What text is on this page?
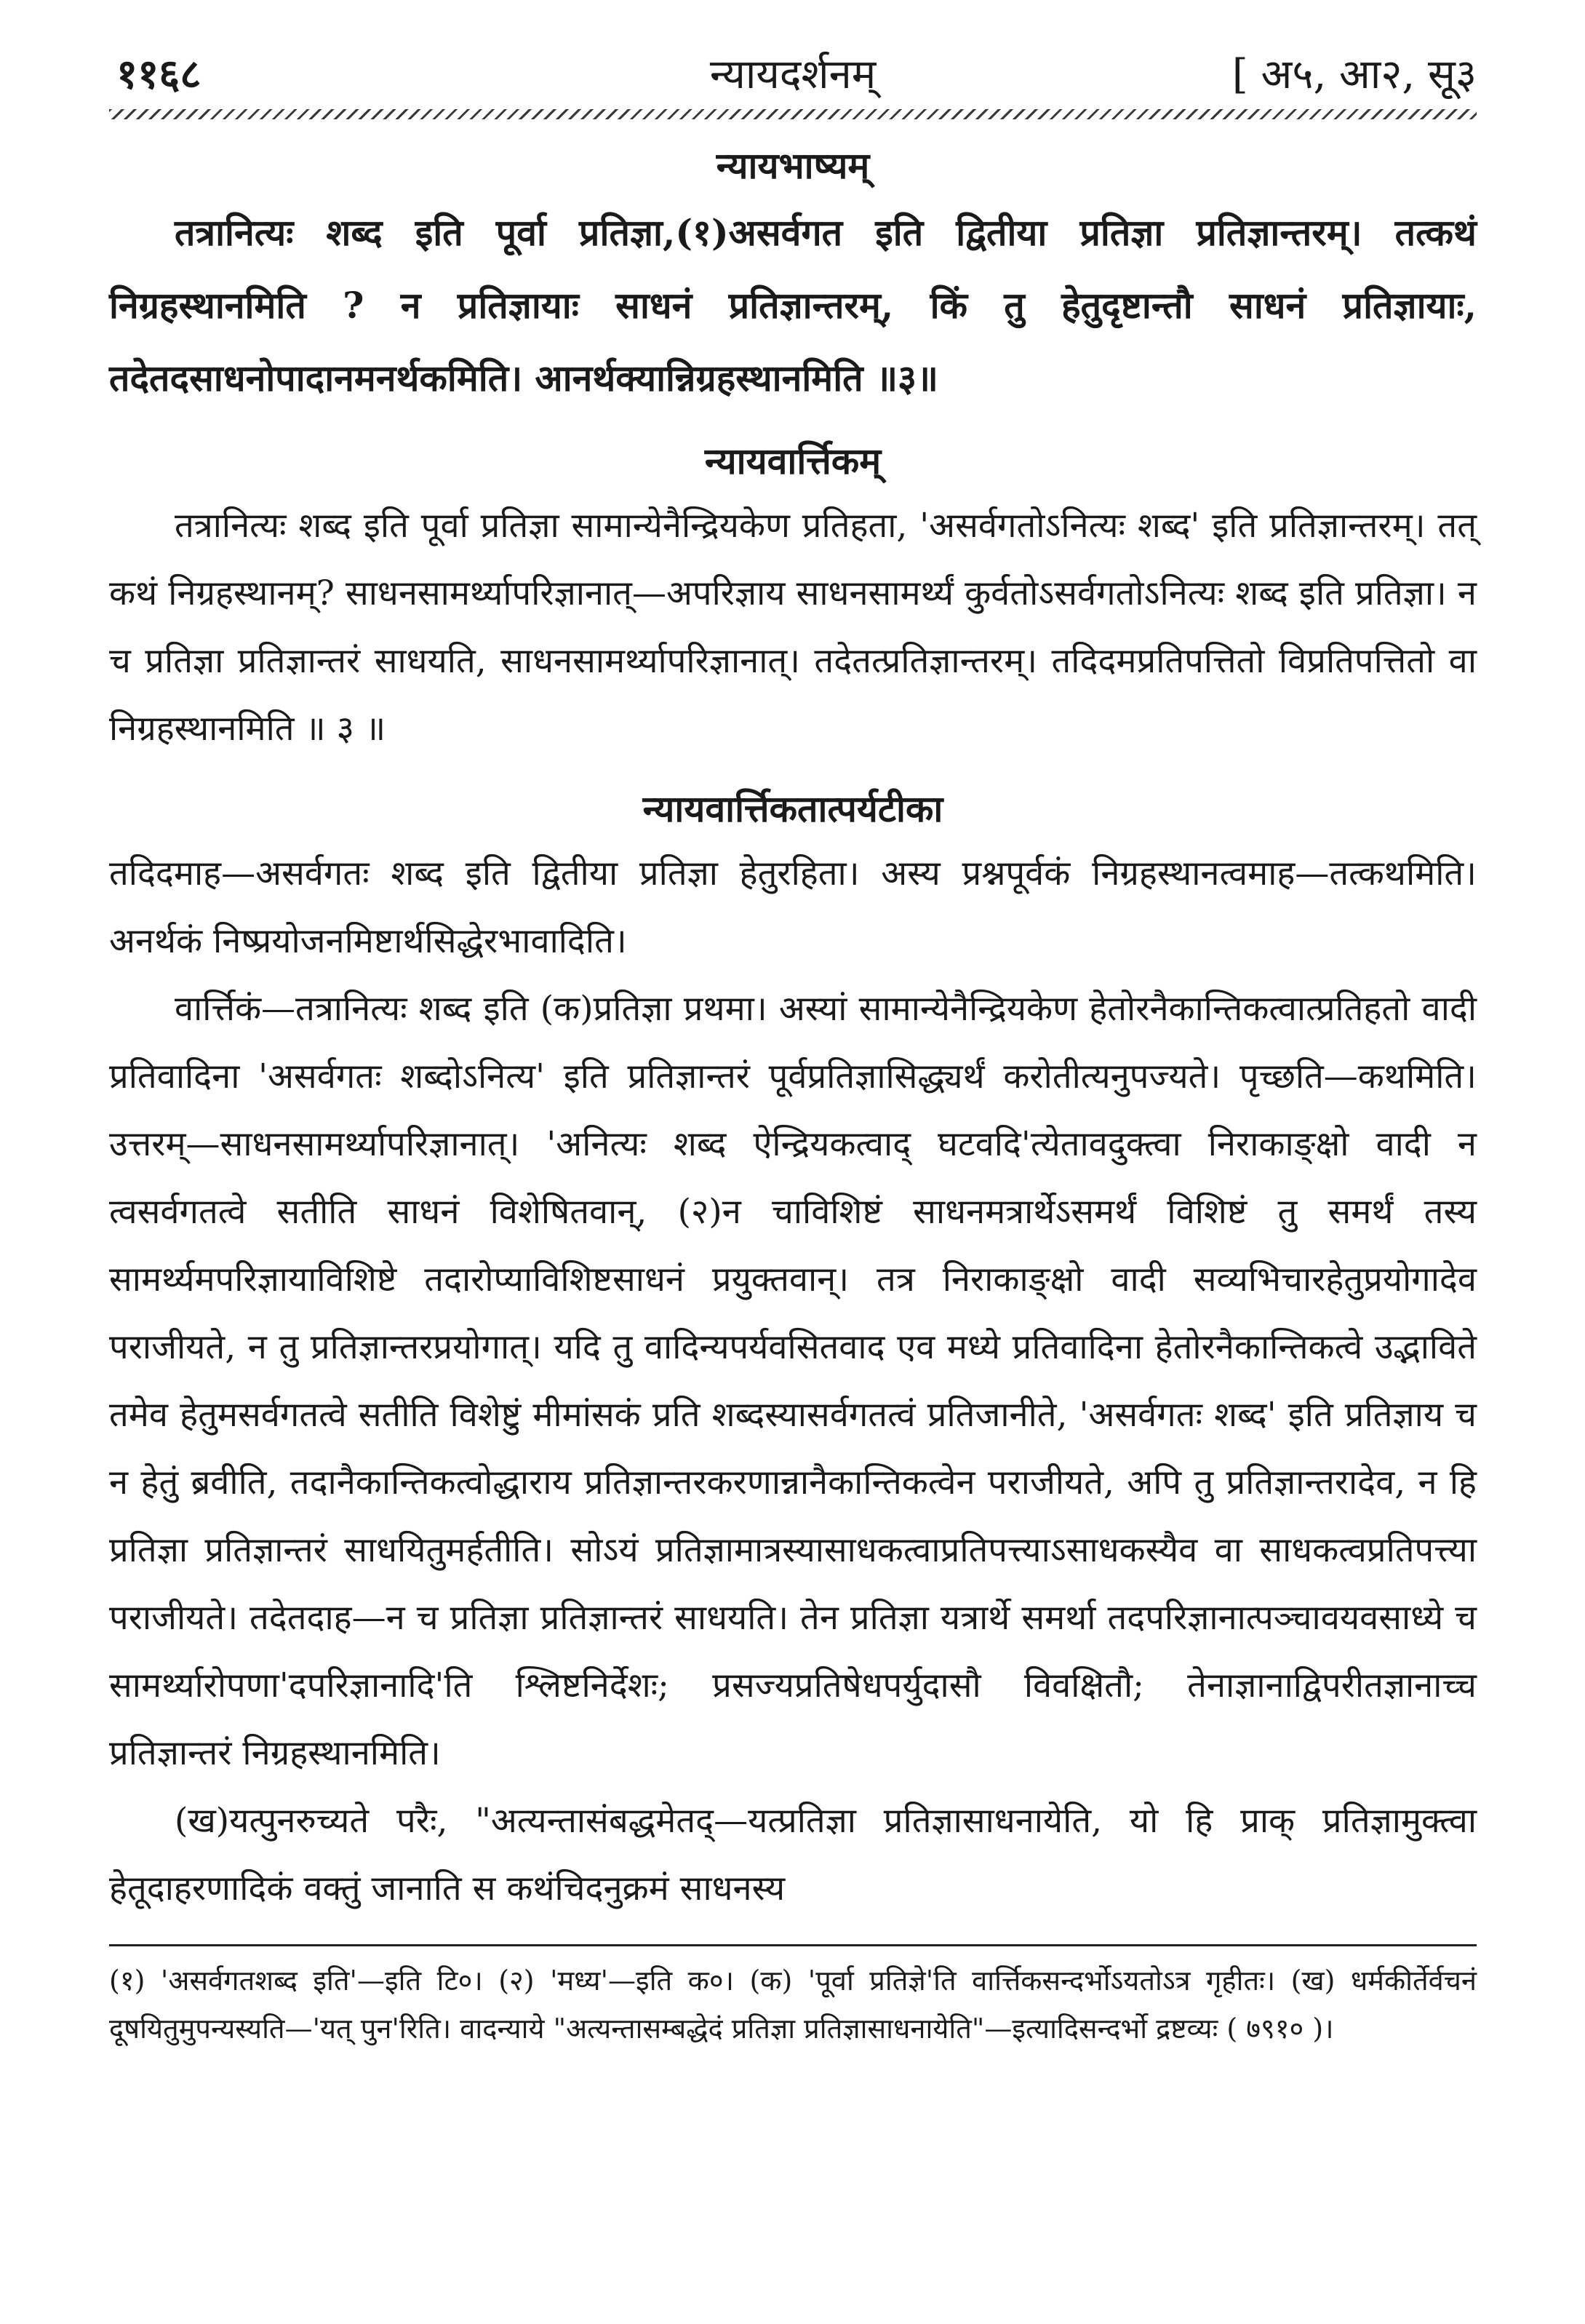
११६८	न्यायदर्शनम्	[ अ५, आ२, सू३
न्यायभाष्यम्
तत्रानित्यः शब्द इति पूर्वा प्रतिज्ञा,(१)असर्वगत इति द्वितीया प्रतिज्ञा प्रतिज्ञान्तरम्। तत्कथं निग्रहस्थानमिति ? न प्रतिज्ञायाः साधनं प्रतिज्ञान्तरम्, किं तु हेतुदृष्टान्तौ साधनं प्रतिज्ञायाः, तदेतदसाधनोपादानमनर्थकमिति। आनर्थक्यान्निग्रहस्थानमिति ॥३॥
न्यायवार्त्तिकम्
तत्रानित्यः शब्द इति पूर्वा प्रतिज्ञा सामान्येनैन्द्रियकेण प्रतिहता, 'असर्वगतोऽनित्यः शब्द' इति प्रतिज्ञान्तरम्। तत् कथं निग्रहस्थानम्? साधनसामर्थ्यापरिज्ञानात्—अपरिज्ञाय साधनसामर्थ्यं कुर्वतोऽसर्वगतोऽनित्यः शब्द इति प्रतिज्ञा। न च प्रतिज्ञा प्रतिज्ञान्तरं साधयति, साधनसामर्थ्यापरिज्ञानात्। तदेतत्प्रतिज्ञान्तरम्। तदिदमप्रतिपत्तितो विप्रतिपत्तितो वा निग्रहस्थानमिति ॥ ३ ॥
न्यायवार्त्तिकतात्पर्यटीका
तदिदमाह—असर्वगतः शब्द इति द्वितीया प्रतिज्ञा हेतुरहिता। अस्य प्रश्नपूर्वकं निग्रहस्थानत्वमाह—तत्कथमिति। अनर्थकं निष्प्रयोजनमिष्टार्थसिद्धेरभावादिति।
वार्त्तिकं—तत्रानित्यः शब्द इति (क)प्रतिज्ञा प्रथमा। अस्यां सामान्येनैन्द्रियकेण हेतोरनैकान्तिकत्वात्प्रतिहतो वादी प्रतिवादिना 'असर्वगतः शब्दोऽनित्य' इति प्रतिज्ञान्तरं पूर्वप्रतिज्ञासिद्ध्यर्थं करोतीत्यनुपज्यते। पृच्छति—कथमिति। उत्तरम्—साधनसामर्थ्यापरिज्ञानात्। 'अनित्यः शब्द ऐन्द्रियकत्वाद् घटवदि'त्येतावदुक्त्वा निराकाङ्क्षो वादी न त्वसर्वगतत्वे सतीति साधनं विशेषितवान्, (२)न चाविशिष्टं साधनमत्रार्थेऽसमर्थं विशिष्टं तु समर्थं तस्य सामर्थ्यमपरिज्ञायाविशिष्टे तदारोप्याविशिष्टसाधनं प्रयुक्तवान्। तत्र निराकाङ्क्षो वादी सव्यभिचारहेतुप्रयोगादेव पराजीयते, न तु प्रतिज्ञान्तरप्रयोगात्। यदि तु वादिन्यपर्यवसितवाद एव मध्ये प्रतिवादिना हेतोरनैकान्तिकत्वे उद्भाविते तमेव हेतुमसर्वगतत्वे सतीति विशेष्टुं मीमांसकं प्रति शब्दस्यासर्वगतत्वं प्रतिजानीते, 'असर्वगतः शब्द' इति प्रतिज्ञाय च न हेतुं ब्रवीति, तदानैकान्तिकत्वोद्धाराय प्रतिज्ञान्तरकरणान्नानैकान्तिकत्वेन पराजीयते, अपि तु प्रतिज्ञान्तरादेव, न हि प्रतिज्ञा प्रतिज्ञान्तरं साधयितुमर्हतीति। सोऽयं प्रतिज्ञामात्रस्यासाधकत्वाप्रतिपत्त्याऽसाधकस्यैव वा साधकत्वप्रतिपत्त्या पराजीयते। तदेतदाह—न च प्रतिज्ञा प्रतिज्ञान्तरं साधयति। तेन प्रतिज्ञा यत्रार्थे समर्था तदपरिज्ञानात्पञ्चावयवसाध्ये च सामर्थ्यारोपणा'दपरिज्ञानादि'ति श्लिष्टनिर्देशः; प्रसज्यप्रतिषेधपर्युदासौ विवक्षितौ; तेनाज्ञानाद्विपरीतज्ञानाच्च प्रतिज्ञान्तरं निग्रहस्थानमिति।
(ख)यत्पुनरुच्यते परैः, "अत्यन्तासंबद्धमेतद्—यत्प्रतिज्ञा प्रतिज्ञासाधनायेति, यो हि प्राक् प्रतिज्ञामुक्त्वा हेतूदाहरणादिकं वक्तुं जानाति स कथंचिदनुक्रमं साधनस्य
(१) 'असर्वगतशब्द इति'—इति टि०। (२) 'मध्य'—इति क०। (क) 'पूर्वा प्रतिज्ञे'ति वार्त्तिकसन्दर्भोऽयतोऽत्र गृहीतः। (ख) धर्मकीर्तेर्वचनं दूषयितुमुपन्यस्यति—'यत् पुन'रिति। वादन्याये "अत्यन्तासम्बद्धेदं प्रतिज्ञा प्रतिज्ञासाधनायेति"—इत्यादिसन्दर्भो द्रष्टव्यः ( ७९१० )।
